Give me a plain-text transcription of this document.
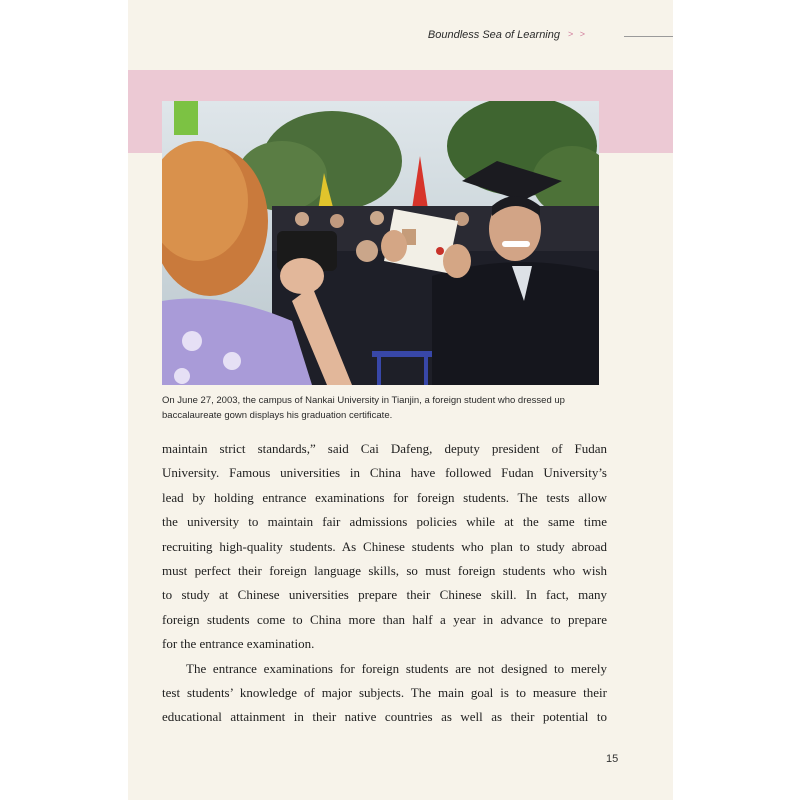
Boundless Sea of Learning > >
On June 27, 2003, the campus of Nankai University in Tianjin, a foreign student who dressed up
baccalaureate gown displays his graduation certificate.
maintain strict standards,” said Cai Dafeng, deputy president of Fudan
University. Famous universities in China have followed Fudan University’s
lead by holding entrance examinations for foreign students. The tests allow
the university to maintain fair admissions policies while at the same time
recruiting high-quality students. As Chinese students who plan to study abroad
must perfect their foreign language skills, so must foreign students who wish
to study at Chinese universities prepare their Chinese skill. In fact, many
foreign students come to China more than half a year in advance to prepare
for the entrance examination.
The entrance examinations for foreign students are not designed to merely
test students’ knowledge of major subjects. The main goal is to measure their
educational attainment in their native countries as well as their potential to
15
